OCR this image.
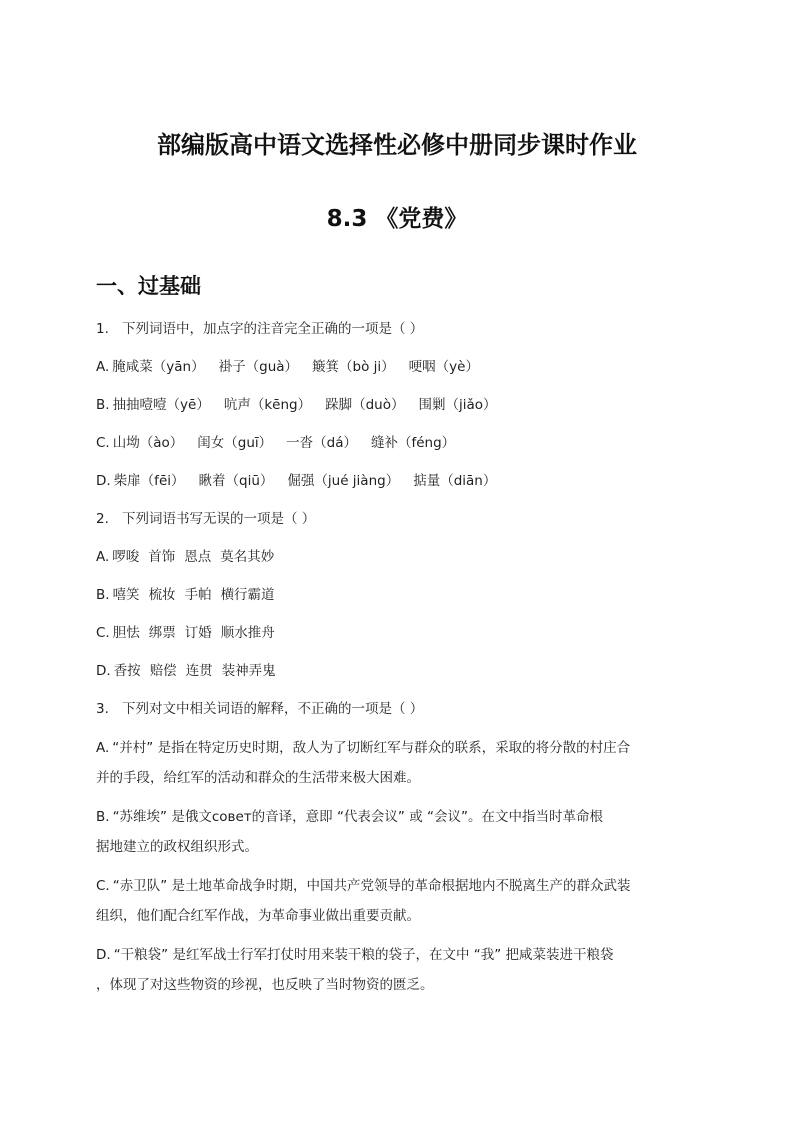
部编版高中语文选择性必修中册同步课时作业
8.3 《党费》
一、过基础
1. 下列词语中，加点字的注音完全正确的一项是（ ）
A. 腌咸菜（yān） 褂子（guà） 簸箕（bò ji） 哽咽（yè）
B. 抽抽噎噎（yē） 吭声（kēng） 跺脚（duò） 围剿（jiǎo）
C. 山坳（ào） 闺女（guī） 一沓（dá） 缝补（féng）
D. 柴扉（fēi） 瞅着（qiū） 倔强（jué jiàng） 掂量（diān）
2. 下列词语书写无误的一项是（ ）
A. 啰唆 首饰 恩点 莫名其妙
B. 嘻笑 梳妆 手帕 横行霸道
C. 胆怯 绑票 订婚 顺水推舟
D. 香按 赔偿 连贯 装神弄鬼
3. 下列对文中相关词语的解释，不正确的一项是（ ）
A. “并村” 是指在特定历史时期，敌人为了切断红军与群众的联系，采取的将分散的村庄合
并的手段，给红军的活动和群众的生活带来极大困难。
B. “苏维埃” 是俄文совет的音译，意即 “代表会议” 或 “会议”。在文中指当时革命根
据地建立的政权组织形式。
C. “赤卫队” 是土地革命战争时期，中国共产党领导的革命根据地内不脱离生产的群众武装
组织，他们配合红军作战，为革命事业做出重要贡献。
D. “干粮袋” 是红军战士行军打仗时用来装干粮的袋子，在文中 “我” 把咸菜装进干粮袋
，体现了对这些物资的珍视，也反映了当时物资的匮乏。
